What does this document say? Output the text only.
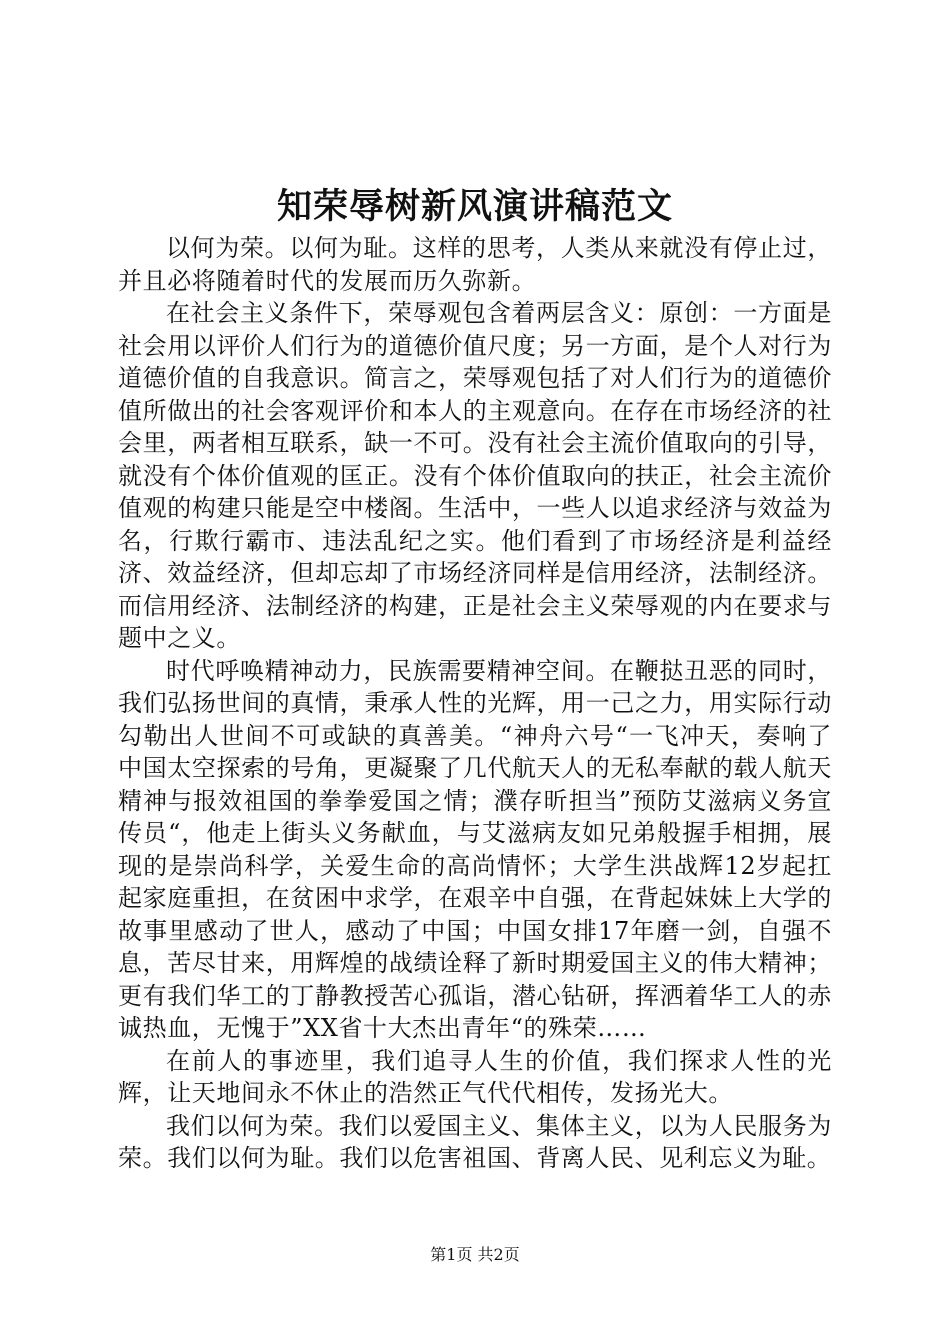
知荣辱树新风演讲稿范文

以何为荣。以何为耻。这样的思考，人类从来就没有停止过，并且必将随着时代的发展而历久弥新。

在社会主义条件下，荣辱观包含着两层含义：原创：一方面是社会用以评价人们行为的道德价值尺度；另一方面，是个人对行为道德价值的自我意识。简言之，荣辱观包括了对人们行为的道德价值所做出的社会客观评价和本人的主观意向。在存在市场经济的社会里，两者相互联系，缺一不可。没有社会主流价值取向的引导，就没有个体价值观的匡正。没有个体价值取向的扶正，社会主流价值观的构建只能是空中楼阁。生活中，一些人以追求经济与效益为名，行欺行霸市、违法乱纪之实。他们看到了市场经济是利益经济、效益经济，但却忘却了市场经济同样是信用经济，法制经济。而信用经济、法制经济的构建，正是社会主义荣辱观的内在要求与题中之义。

时代呼唤精神动力，民族需要精神空间。在鞭挞丑恶的同时，我们弘扬世间的真情，秉承人性的光辉，用一己之力，用实际行动勾勒出人世间不可或缺的真善美。“神舟六号“一飞冲天，奏响了中国太空探索的号角，更凝聚了几代航天人的无私奉献的载人航天精神与报效祖国的拳拳爱国之情；濮存昕担当”预防艾滋病义务宣传员“，他走上街头义务献血，与艾滋病友如兄弟般握手相拥，展现的是崇尚科学，关爱生命的高尚情怀；大学生洪战辉12岁起扛起家庭重担，在贫困中求学，在艰辛中自强，在背起妹妹上大学的故事里感动了世人，感动了中国；中国女排17年磨一剑，自强不息，苦尽甘来，用辉煌的战绩诠释了新时期爱国主义的伟大精神；更有我们华工的丁静教授苦心孤诣，潜心钻研，挥洒着华工人的赤诚热血，无愧于”XX省十大杰出青年“的殊荣……

在前人的事迹里，我们追寻人生的价值，我们探求人性的光辉，让天地间永不休止的浩然正气代代相传，发扬光大。

我们以何为荣。我们以爱国主义、集体主义，以为人民服务为荣。我们以何为耻。我们以危害祖国、背离人民、见利忘义为耻。

第1页 共2页
